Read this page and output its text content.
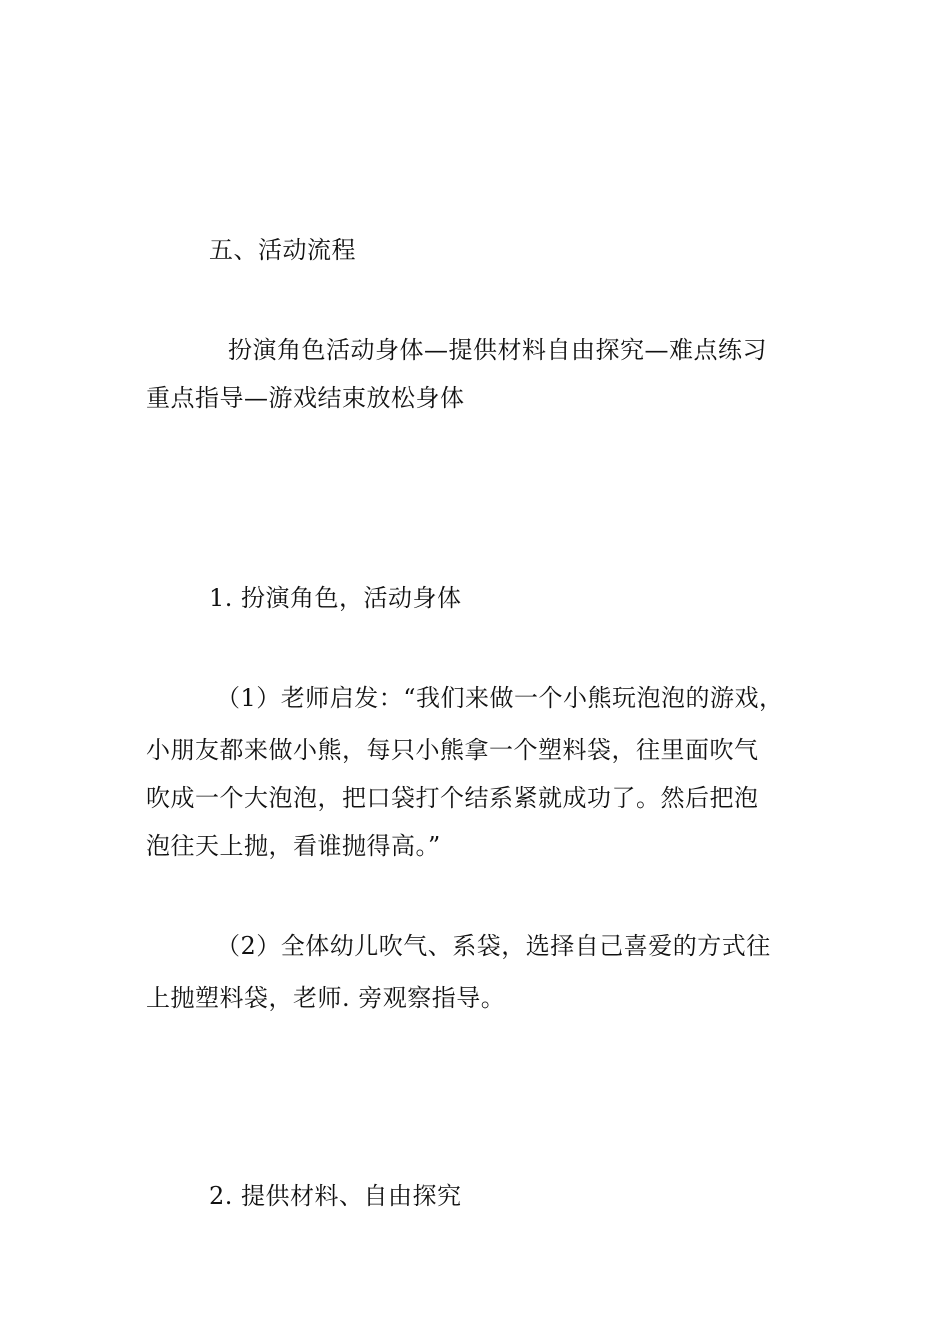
五、活动流程
扮演角色活动身体—提供材料自由探究—难点练习
重点指导—游戏结束放松身体
1. 扮演角色，活动身体
（1）老师启发：“我们来做一个小熊玩泡泡的游戏，
小朋友都来做小熊，每只小熊拿一个塑料袋，往里面吹气
吹成一个大泡泡，把口袋打个结系紧就成功了。然后把泡
泡往天上抛，看谁抛得高。”
（2）全体幼儿吹气、系袋，选择自己喜爱的方式往
上抛塑料袋，老师. 旁观察指导。
2. 提供材料、自由探究
